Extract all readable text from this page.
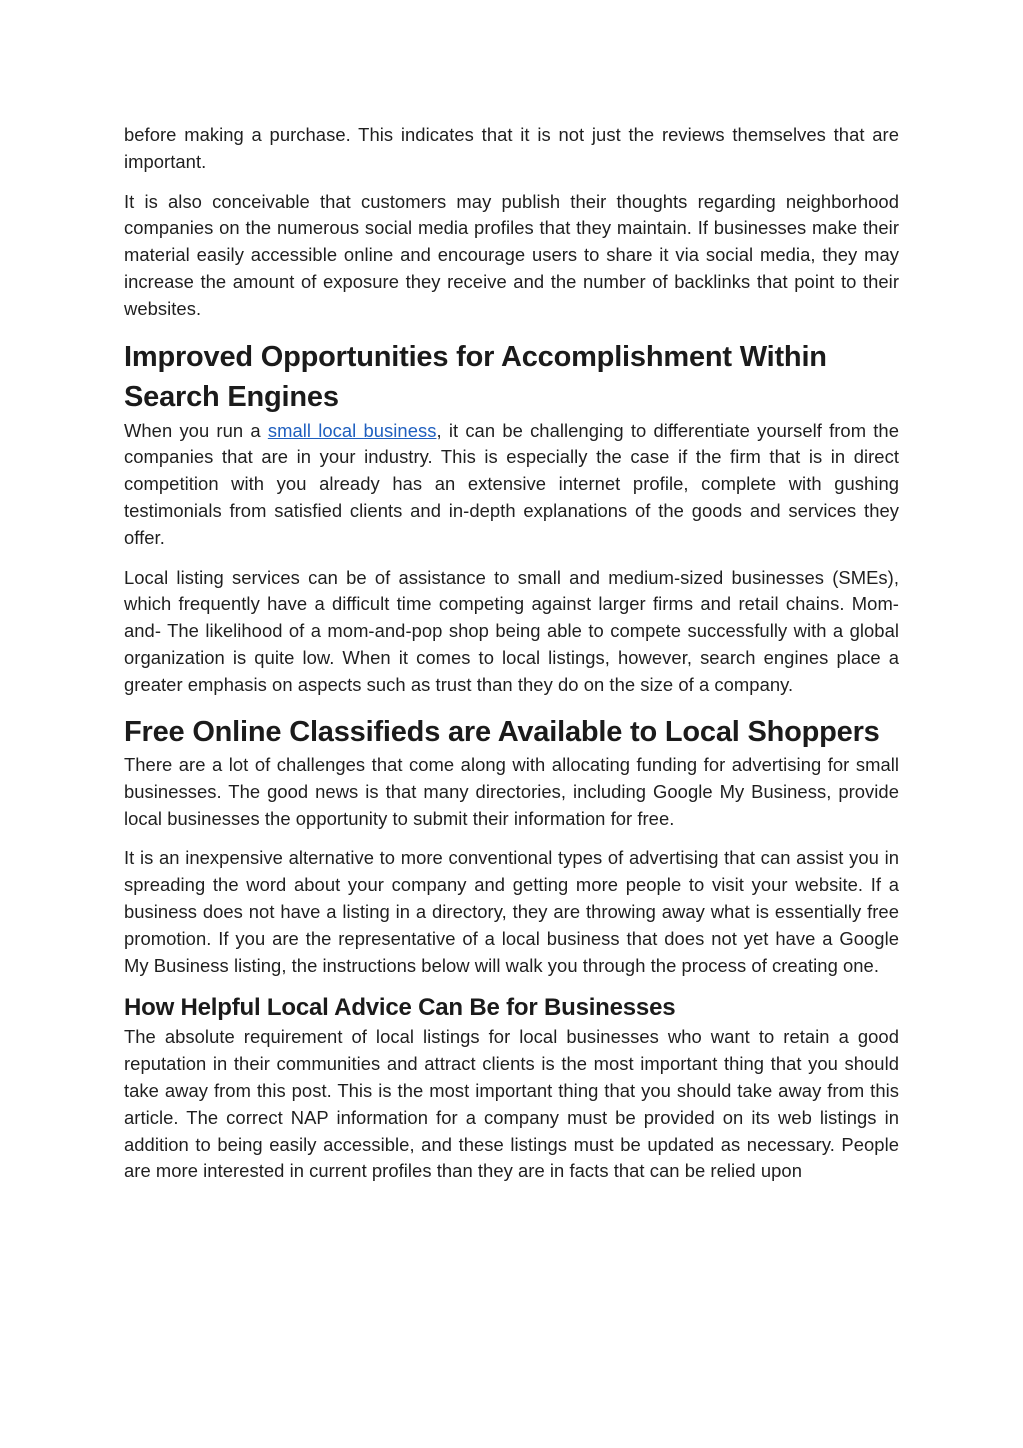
before making a purchase. This indicates that it is not just the reviews themselves that are important.

It is also conceivable that customers may publish their thoughts regarding neighborhood companies on the numerous social media profiles that they maintain. If businesses make their material easily accessible online and encourage users to share it via social media, they may increase the amount of exposure they receive and the number of backlinks that point to their websites.

Improved Opportunities for Accomplishment Within Search Engines

When you run a small local business, it can be challenging to differentiate yourself from the companies that are in your industry. This is especially the case if the firm that is in direct competition with you already has an extensive internet profile, complete with gushing testimonials from satisfied clients and in-depth explanations of the goods and services they offer.

Local listing services can be of assistance to small and medium-sized businesses (SMEs), which frequently have a difficult time competing against larger firms and retail chains. Mom-and- The likelihood of a mom-and-pop shop being able to compete successfully with a global organization is quite low. When it comes to local listings, however, search engines place a greater emphasis on aspects such as trust than they do on the size of a company.

Free Online Classifieds are Available to Local Shoppers

There are a lot of challenges that come along with allocating funding for advertising for small businesses. The good news is that many directories, including Google My Business, provide local businesses the opportunity to submit their information for free.

It is an inexpensive alternative to more conventional types of advertising that can assist you in spreading the word about your company and getting more people to visit your website. If a business does not have a listing in a directory, they are throwing away what is essentially free promotion. If you are the representative of a local business that does not yet have a Google My Business listing, the instructions below will walk you through the process of creating one.

How Helpful Local Advice Can Be for Businesses

The absolute requirement of local listings for local businesses who want to retain a good reputation in their communities and attract clients is the most important thing that you should take away from this post. This is the most important thing that you should take away from this article. The correct NAP information for a company must be provided on its web listings in addition to being easily accessible, and these listings must be updated as necessary. People are more interested in current profiles than they are in facts that can be relied upon
